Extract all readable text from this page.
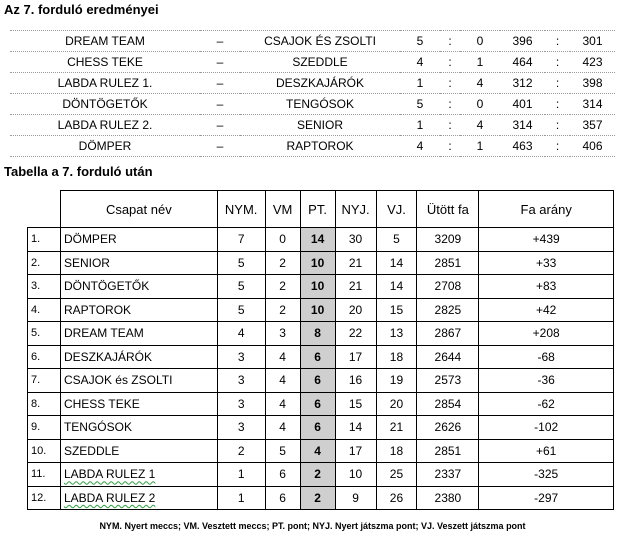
Az 7. forduló eredményei
DREAM TEAM	–	CSAJOK ÉS ZSOLTI	5	:	0	396	:	301
CHESS TEKE	–	SZEDDLE	4	:	1	464	:	423
LABDA RULEZ 1.	–	DESZKAJÁRÓK	1	:	4	312	:	398
DÖNTÖGETŐK	–	TENGÓSOK	5	:	0	401	:	314
LABDA RULEZ 2.	–	SENIOR	1	:	4	314	:	357
DÖMPER	–	RAPTOROK	4	:	1	463	:	406
Tabella a 7. forduló után
	Csapat név	NYM.	VM	PT.	NYJ.	VJ.	Ütött fa	Fa arány
1.	DÖMPER	7	0	14	30	5	3209	+439
2.	SENIOR	5	2	10	21	14	2851	+33
3.	DÖNTÖGETŐK	5	2	10	21	14	2708	+83
4.	RAPTOROK	5	2	10	20	15	2825	+42
5.	DREAM TEAM	4	3	8	22	13	2867	+208
6.	DESZKAJÁRÓK	3	4	6	17	18	2644	-68
7.	CSAJOK és ZSOLTI	3	4	6	16	19	2573	-36
8.	CHESS TEKE	3	4	6	15	20	2854	-62
9.	TENGÓSOK	3	4	6	14	21	2626	-102
10.	SZEDDLE	2	5	4	17	18	2851	+61
11.	LABDA RULEZ 1	1	6	2	10	25	2337	-325
12.	LABDA RULEZ 2	1	6	2	9	26	2380	-297
NYM. Nyert meccs; VM. Vesztett meccs; PT. pont; NYJ. Nyert játszma pont; VJ. Veszett játszma pont
